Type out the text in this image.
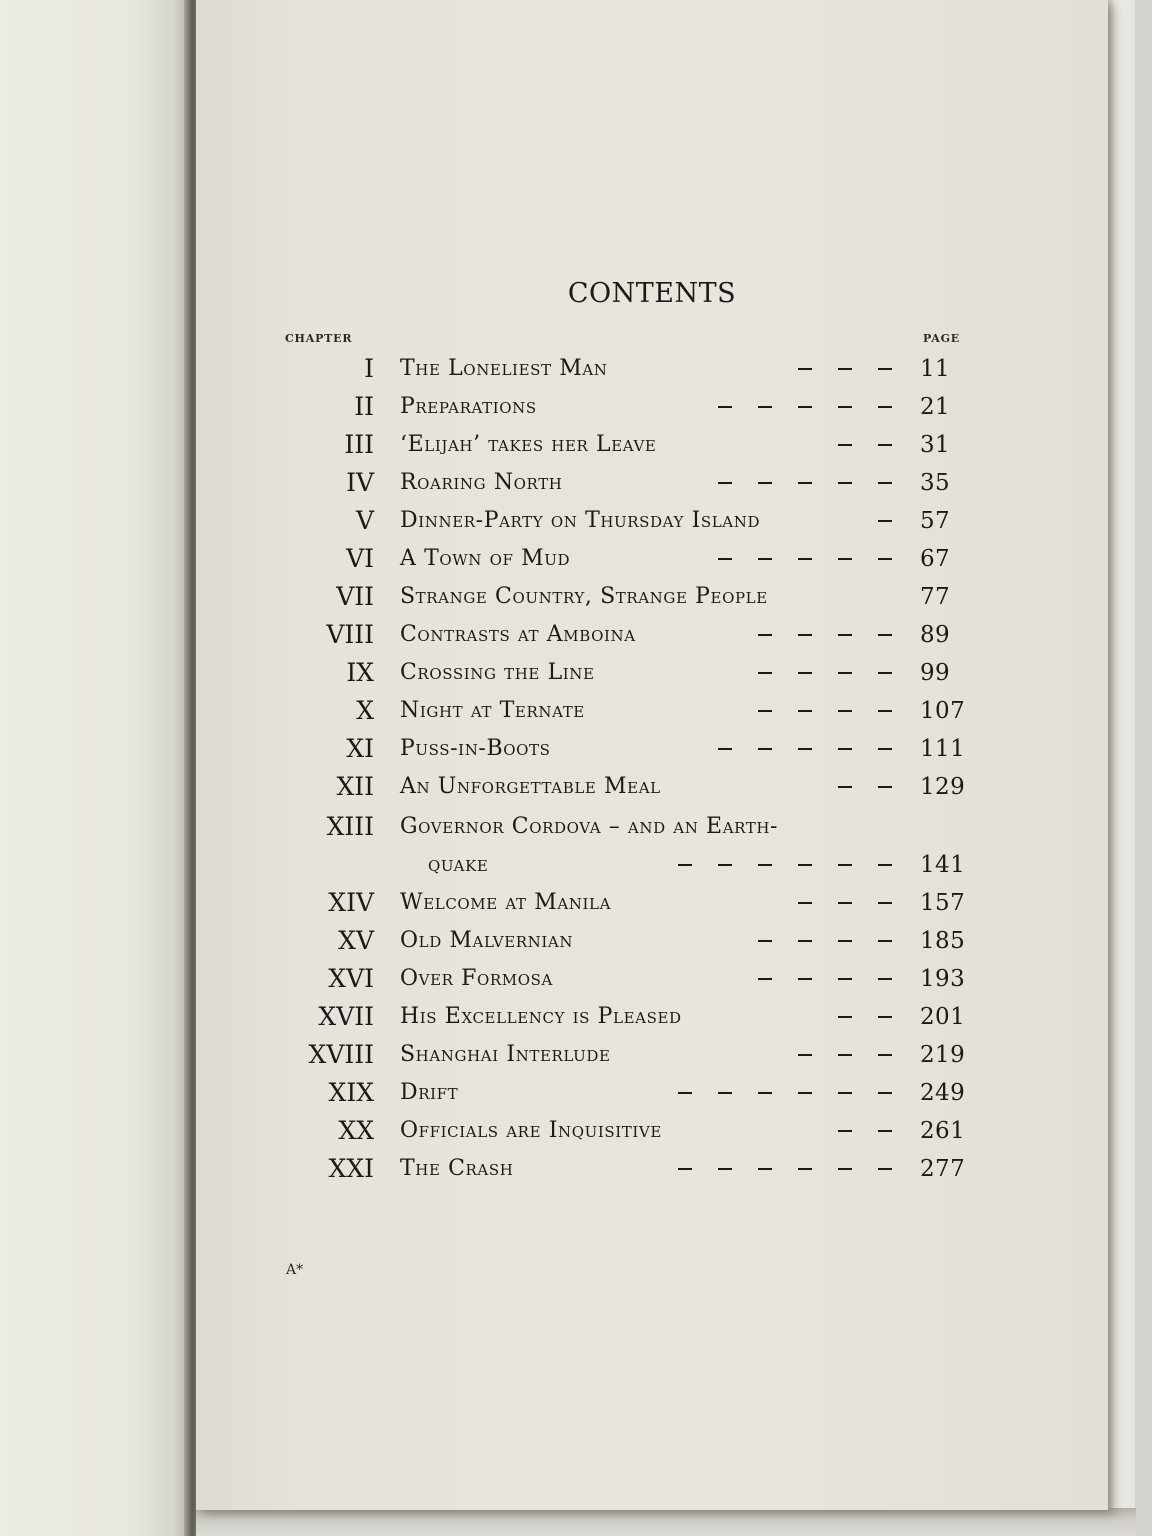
CONTENTS
CHAPTER	PAGE
I The Loneliest Man	11
II Preparations	21
III ‘Elijah’ takes her Leave	31
IV Roaring North	35
V Dinner-Party on Thursday Island	57
VI A Town of Mud	67
VII Strange Country, Strange People	77
VIII Contrasts at Amboina	89
IX Crossing the Line	99
X Night at Ternate	107
XI Puss-in-Boots	111
XII An Unforgettable Meal	129
XIII Governor Cordova – and an Earth-
quake	141
XIV Welcome at Manila	157
XV Old Malvernian	185
XVI Over Formosa	193
XVII His Excellency is Pleased	201
XVIII Shanghai Interlude	219
XIX Drift	249
XX Officials are Inquisitive	261
XXI The Crash	277
A*
